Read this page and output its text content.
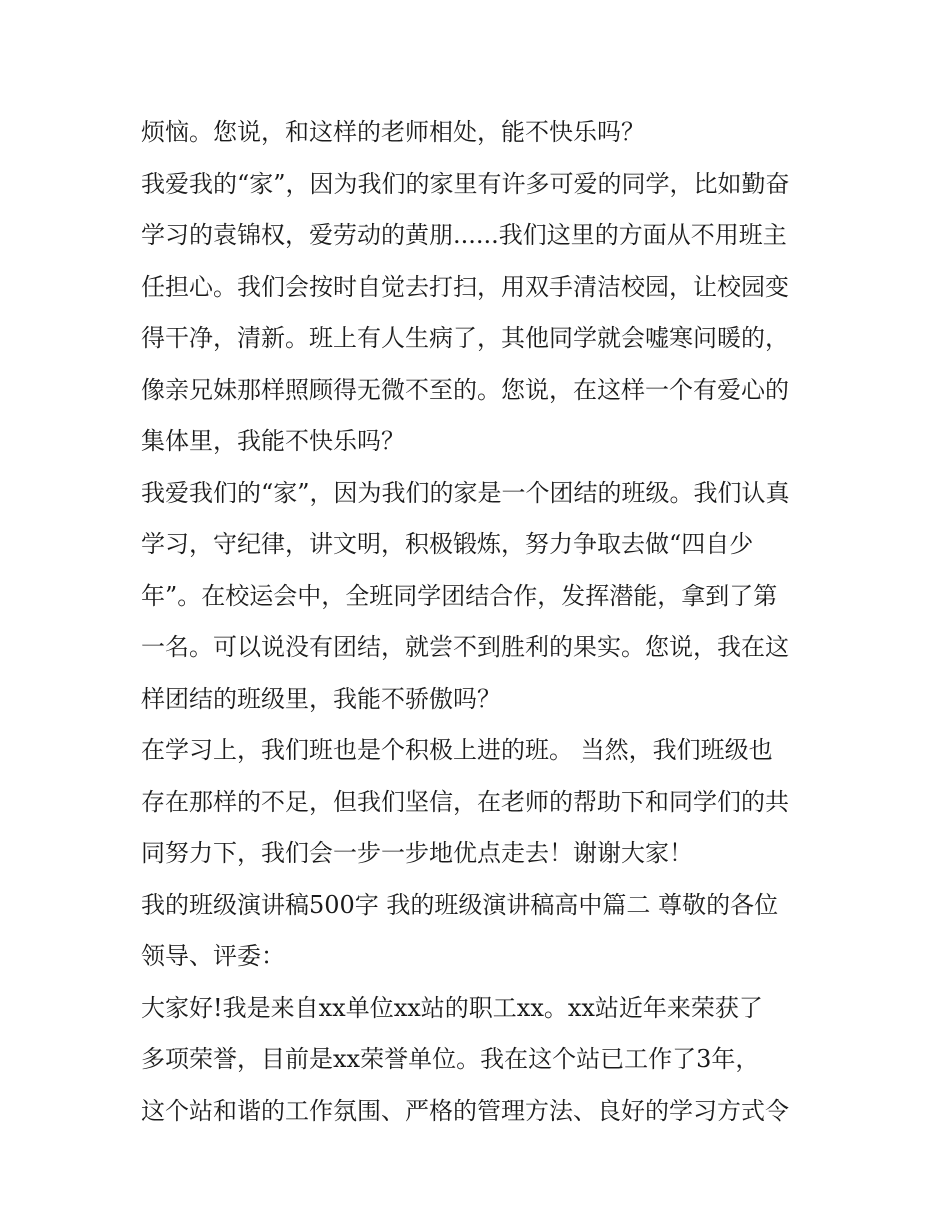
烦恼。您说，和这样的老师相处，能不快乐吗？
我爱我的“家”，因为我们的家里有许多可爱的同学，比如勤奋
学习的袁锦权，爱劳动的黄朋......我们这里的方面从不用班主
任担心。我们会按时自觉去打扫，用双手清洁校园，让校园变
得干净，清新。班上有人生病了，其他同学就会嘘寒问暖的，
像亲兄妹那样照顾得无微不至的。您说，在这样一个有爱心的
集体里，我能不快乐吗？
我爱我们的“家”，因为我们的家是一个团结的班级。我们认真
学习，守纪律，讲文明，积极锻炼，努力争取去做“四自少
年”。在校运会中，全班同学团结合作，发挥潜能，拿到了第
一名。可以说没有团结，就尝不到胜利的果实。您说，我在这
样团结的班级里，我能不骄傲吗？
在学习上，我们班也是个积极上进的班。 当然，我们班级也
存在那样的不足，但我们坚信，在老师的帮助下和同学们的共
同努力下，我们会一步一步地优点走去！谢谢大家！
我的班级演讲稿500字 我的班级演讲稿高中篇二 尊敬的各位
领导、评委：
大家好!我是来自xx单位xx站的职工xx。xx站近年来荣获了
多项荣誉，目前是xx荣誉单位。我在这个站已工作了3年，
这个站和谐的工作氛围、严格的管理方法、良好的学习方式令
